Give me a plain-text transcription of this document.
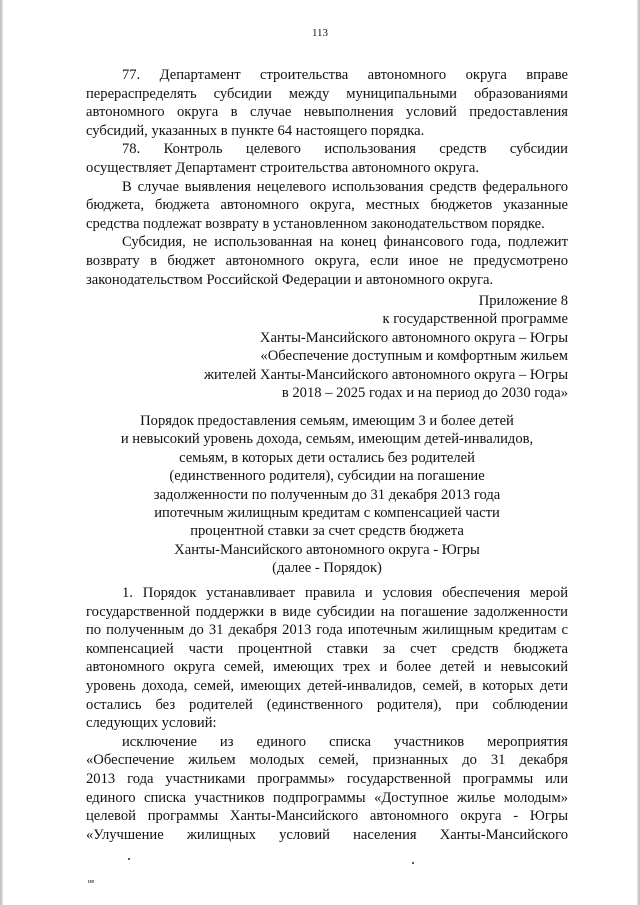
113

77. Департамент строительства автономного округа вправе
перераспределять субсидии между муниципальными образованиями
автономного округа в случае невыполнения условий предоставления
субсидий, указанных в пункте 64 настоящего порядка.

78. Контроль целевого использования средств субсидии
осуществляет Департамент строительства автономного округа.

В случае выявления нецелевого использования средств федерального
бюджета, бюджета автономного округа, местных бюджетов указанные
средства подлежат возврату в установленном законодательством порядке.

Субсидия, не использованная на конец финансового года, подлежит
возврату в бюджет автономного округа, если иное не предусмотрено
законодательством Российской Федерации и автономного округа.

Приложение 8
к государственной программе
Ханты-Мансийского автономного округа – Югры
«Обеспечение доступным и комфортным жильем
жителей Ханты-Мансийского автономного округа – Югры
в 2018 – 2025 годах и на период до 2030 года»
Порядок предоставления семьям, имеющим 3 и более детей
и невысокий уровень дохода, семьям, имеющим детей-инвалидов,
семьям, в которых дети остались без родителей
(единственного родителя), субсидии на погашение
задолженности по полученным до 31 декабря 2013 года
ипотечным жилищным кредитам с компенсацией части
процентной ставки за счет средств бюджета
Ханты-Мансийского автономного округа - Югры
(далее - Порядок)

1. Порядок устанавливает правила и условия обеспечения мерой
государственной поддержки в виде субсидии на погашение задолженности
по полученным до 31 декабря 2013 года ипотечным жилищным кредитам с
компенсацией части процентной ставки за счет средств бюджета
автономного округа семей, имеющих трех и более детей и невысокий
уровень дохода, семей, имеющих детей-инвалидов, семей, в которых дети
остались без родителей (единственного родителя), при соблюдении
следующих условий:

исключение из единого списка участников мероприятия
«Обеспечение жильем молодых семей, признанных до 31 декабря
2013 года участниками программы» государственной программы или
единого списка участников подпрограммы «Доступное жилье молодым»
целевой программы Ханты-Мансийского автономного округа - Югры
«Улучшение жилищных условий населения Ханты-Мансийского

нв
